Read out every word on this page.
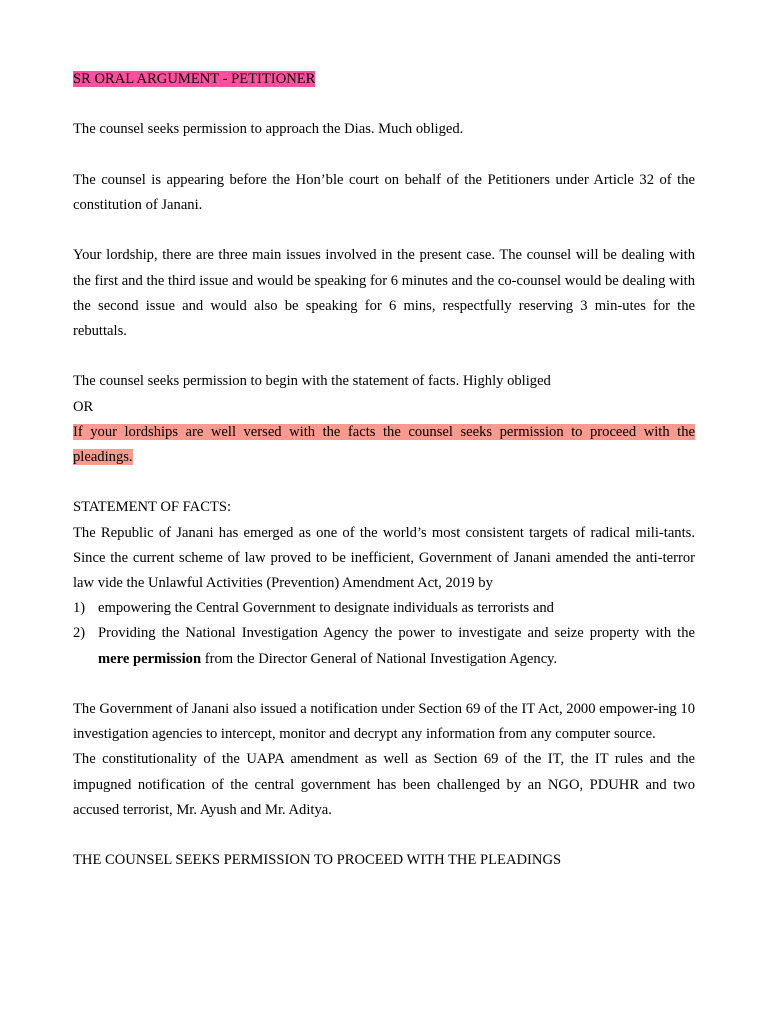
SR ORAL ARGUMENT - PETITIONER

The counsel seeks permission to approach the Dias. Much obliged.

The counsel is appearing before the Hon’ble court on behalf of the Petitioners under Article 32 of the constitution of Janani.

Your lordship, there are three main issues involved in the present case. The counsel will be dealing with the first and the third issue and would be speaking for 6 minutes and the co-counsel would be dealing with the second issue and would also be speaking for 6 mins, respectfully reserving 3 min-utes for the rebuttals.

The counsel seeks permission to begin with the statement of facts. Highly obliged

OR

If your lordships are well versed with the facts the counsel seeks permission to proceed with the pleadings.

STATEMENT OF FACTS:

The Republic of Janani has emerged as one of the world’s most consistent targets of radical mili-tants. Since the current scheme of law proved to be inefficient, Government of Janani amended the anti-terror law vide the Unlawful Activities (Prevention) Amendment Act, 2019 by

1) empowering the Central Government to designate individuals as terrorists and
2) Providing the National Investigation Agency the power to investigate and seize property with the mere permission from the Director General of National Investigation Agency.

The Government of Janani also issued a notification under Section 69 of the IT Act, 2000 empower-ing 10 investigation agencies to intercept, monitor and decrypt any information from any computer source.

The constitutionality of the UAPA amendment as well as Section 69 of the IT, the IT rules and the impugned notification of the central government has been challenged by an NGO, PDUHR and two accused terrorist, Mr. Ayush and Mr. Aditya.

THE COUNSEL SEEKS PERMISSION TO PROCEED WITH THE PLEADINGS
